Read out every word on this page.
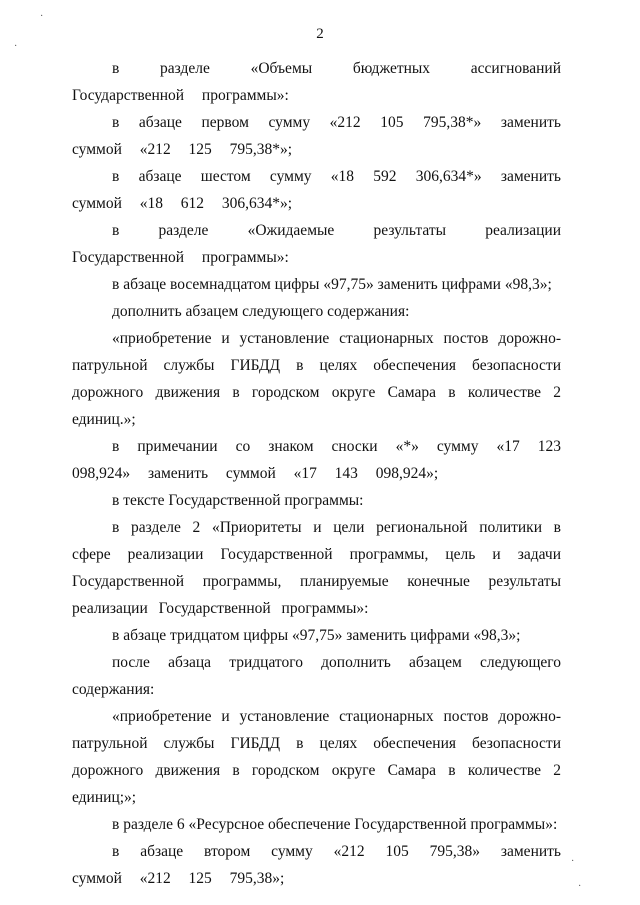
·
·
·
·
2

в разделе «Объемы бюджетных ассигнований Государственной программы»:

в абзаце первом сумму «212 105 795,38*» заменить суммой «212 125 795,38*»;

в абзаце шестом сумму «18 592 306,634*» заменить суммой «18 612 306,634*»;

в разделе «Ожидаемые результаты реализации Государственной программы»:

в абзаце восемнадцатом цифры «97,75» заменить цифрами «98,3»;

дополнить абзацем следующего содержания:

«приобретение и установление стационарных постов дорожно-патрульной службы ГИБДД в целях обеспечения безопасности дорожного движения в городском округе Самара в количестве 2 единиц.»;

в примечании со знаком сноски «*» сумму «17 123 098,924» заменить суммой «17 143 098,924»;

в тексте Государственной программы:

в разделе 2 «Приоритеты и цели региональной политики в сфере реализации Государственной программы, цель и задачи Государственной программы, планируемые конечные результаты реализации Государственной программы»:

в абзаце тридцатом цифры «97,75» заменить цифрами «98,3»;

после абзаца тридцатого дополнить абзацем следующего содержания:

«приобретение и установление стационарных постов дорожно-патрульной службы ГИБДД в целях обеспечения безопасности дорожного движения в городском округе Самара в количестве 2 единиц;»;

в разделе 6 «Ресурсное обеспечение Государственной программы»:

в абзаце втором сумму «212 105 795,38» заменить суммой «212 125 795,38»;
